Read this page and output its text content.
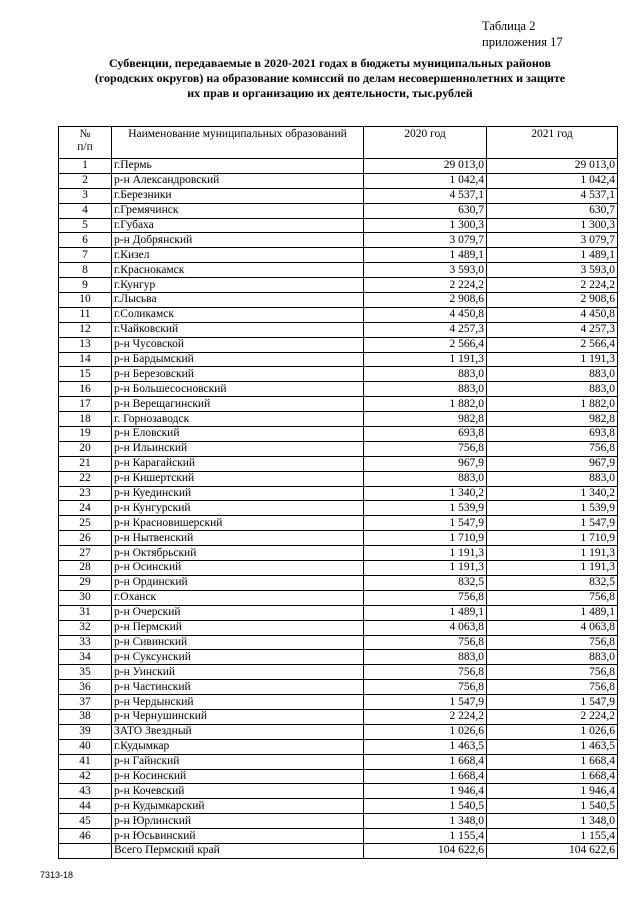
Таблица 2
приложения 17
Субвенции, передаваемые в 2020-2021 годах в бюджеты муниципальных районов
(городских округов) на образование комиссий по делам несовершеннолетних и защите
их прав и организацию их деятельности, тыс.рублей
№
п/п	Наименование муниципальных образований	2020 год	2021 год
1	г.Пермь	29 013,0	29 013,0
2	р-н Александровский	1 042,4	1 042,4
3	г.Березники	4 537,1	4 537,1
4	г.Гремячинск	630,7	630,7
5	г.Губаха	1 300,3	1 300,3
6	р-н Добрянский	3 079,7	3 079,7
7	г.Кизел	1 489,1	1 489,1
8	г.Краснокамск	3 593,0	3 593,0
9	г.Кунгур	2 224,2	2 224,2
10	г.Лысьва	2 908,6	2 908,6
11	г.Соликамск	4 450,8	4 450,8
12	г.Чайковский	4 257,3	4 257,3
13	р-н Чусовской	2 566,4	2 566,4
14	р-н Бардымский	1 191,3	1 191,3
15	р-н Березовский	883,0	883,0
16	р-н Большесосновский	883,0	883,0
17	р-н Верещагинский	1 882,0	1 882,0
18	г. Горнозаводск	982,8	982,8
19	р-н Еловский	693,8	693,8
20	р-н Ильинский	756,8	756,8
21	р-н Карагайский	967,9	967,9
22	р-н Кишертский	883,0	883,0
23	р-н Куединский	1 340,2	1 340,2
24	р-н Кунгурский	1 539,9	1 539,9
25	р-н Красновишерский	1 547,9	1 547,9
26	р-н Нытвенский	1 710,9	1 710,9
27	р-н Октябрьский	1 191,3	1 191,3
28	р-н Осинский	1 191,3	1 191,3
29	р-н Ординский	832,5	832,5
30	г.Оханск	756,8	756,8
31	р-н Очерский	1 489,1	1 489,1
32	р-н Пермский	4 063,8	4 063,8
33	р-н Сивинский	756,8	756,8
34	р-н Суксунский	883,0	883,0
35	р-н Уинский	756,8	756,8
36	р-н Частинский	756,8	756,8
37	р-н Чердынский	1 547,9	1 547,9
38	р-н Чернушинский	2 224,2	2 224,2
39	ЗАТО Звездный	1 026,6	1 026,6
40	г.Кудымкар	1 463,5	1 463,5
41	р-н Гайнский	1 668,4	1 668,4
42	р-н Косинский	1 668,4	1 668,4
43	р-н Кочевский	1 946,4	1 946,4
44	р-н Кудымкарский	1 540,5	1 540,5
45	р-н Юрлинский	1 348,0	1 348,0
46	р-н Юсьвинский	1 155,4	1 155,4
	Всего Пермский край	104 622,6	104 622,6
7313-18
